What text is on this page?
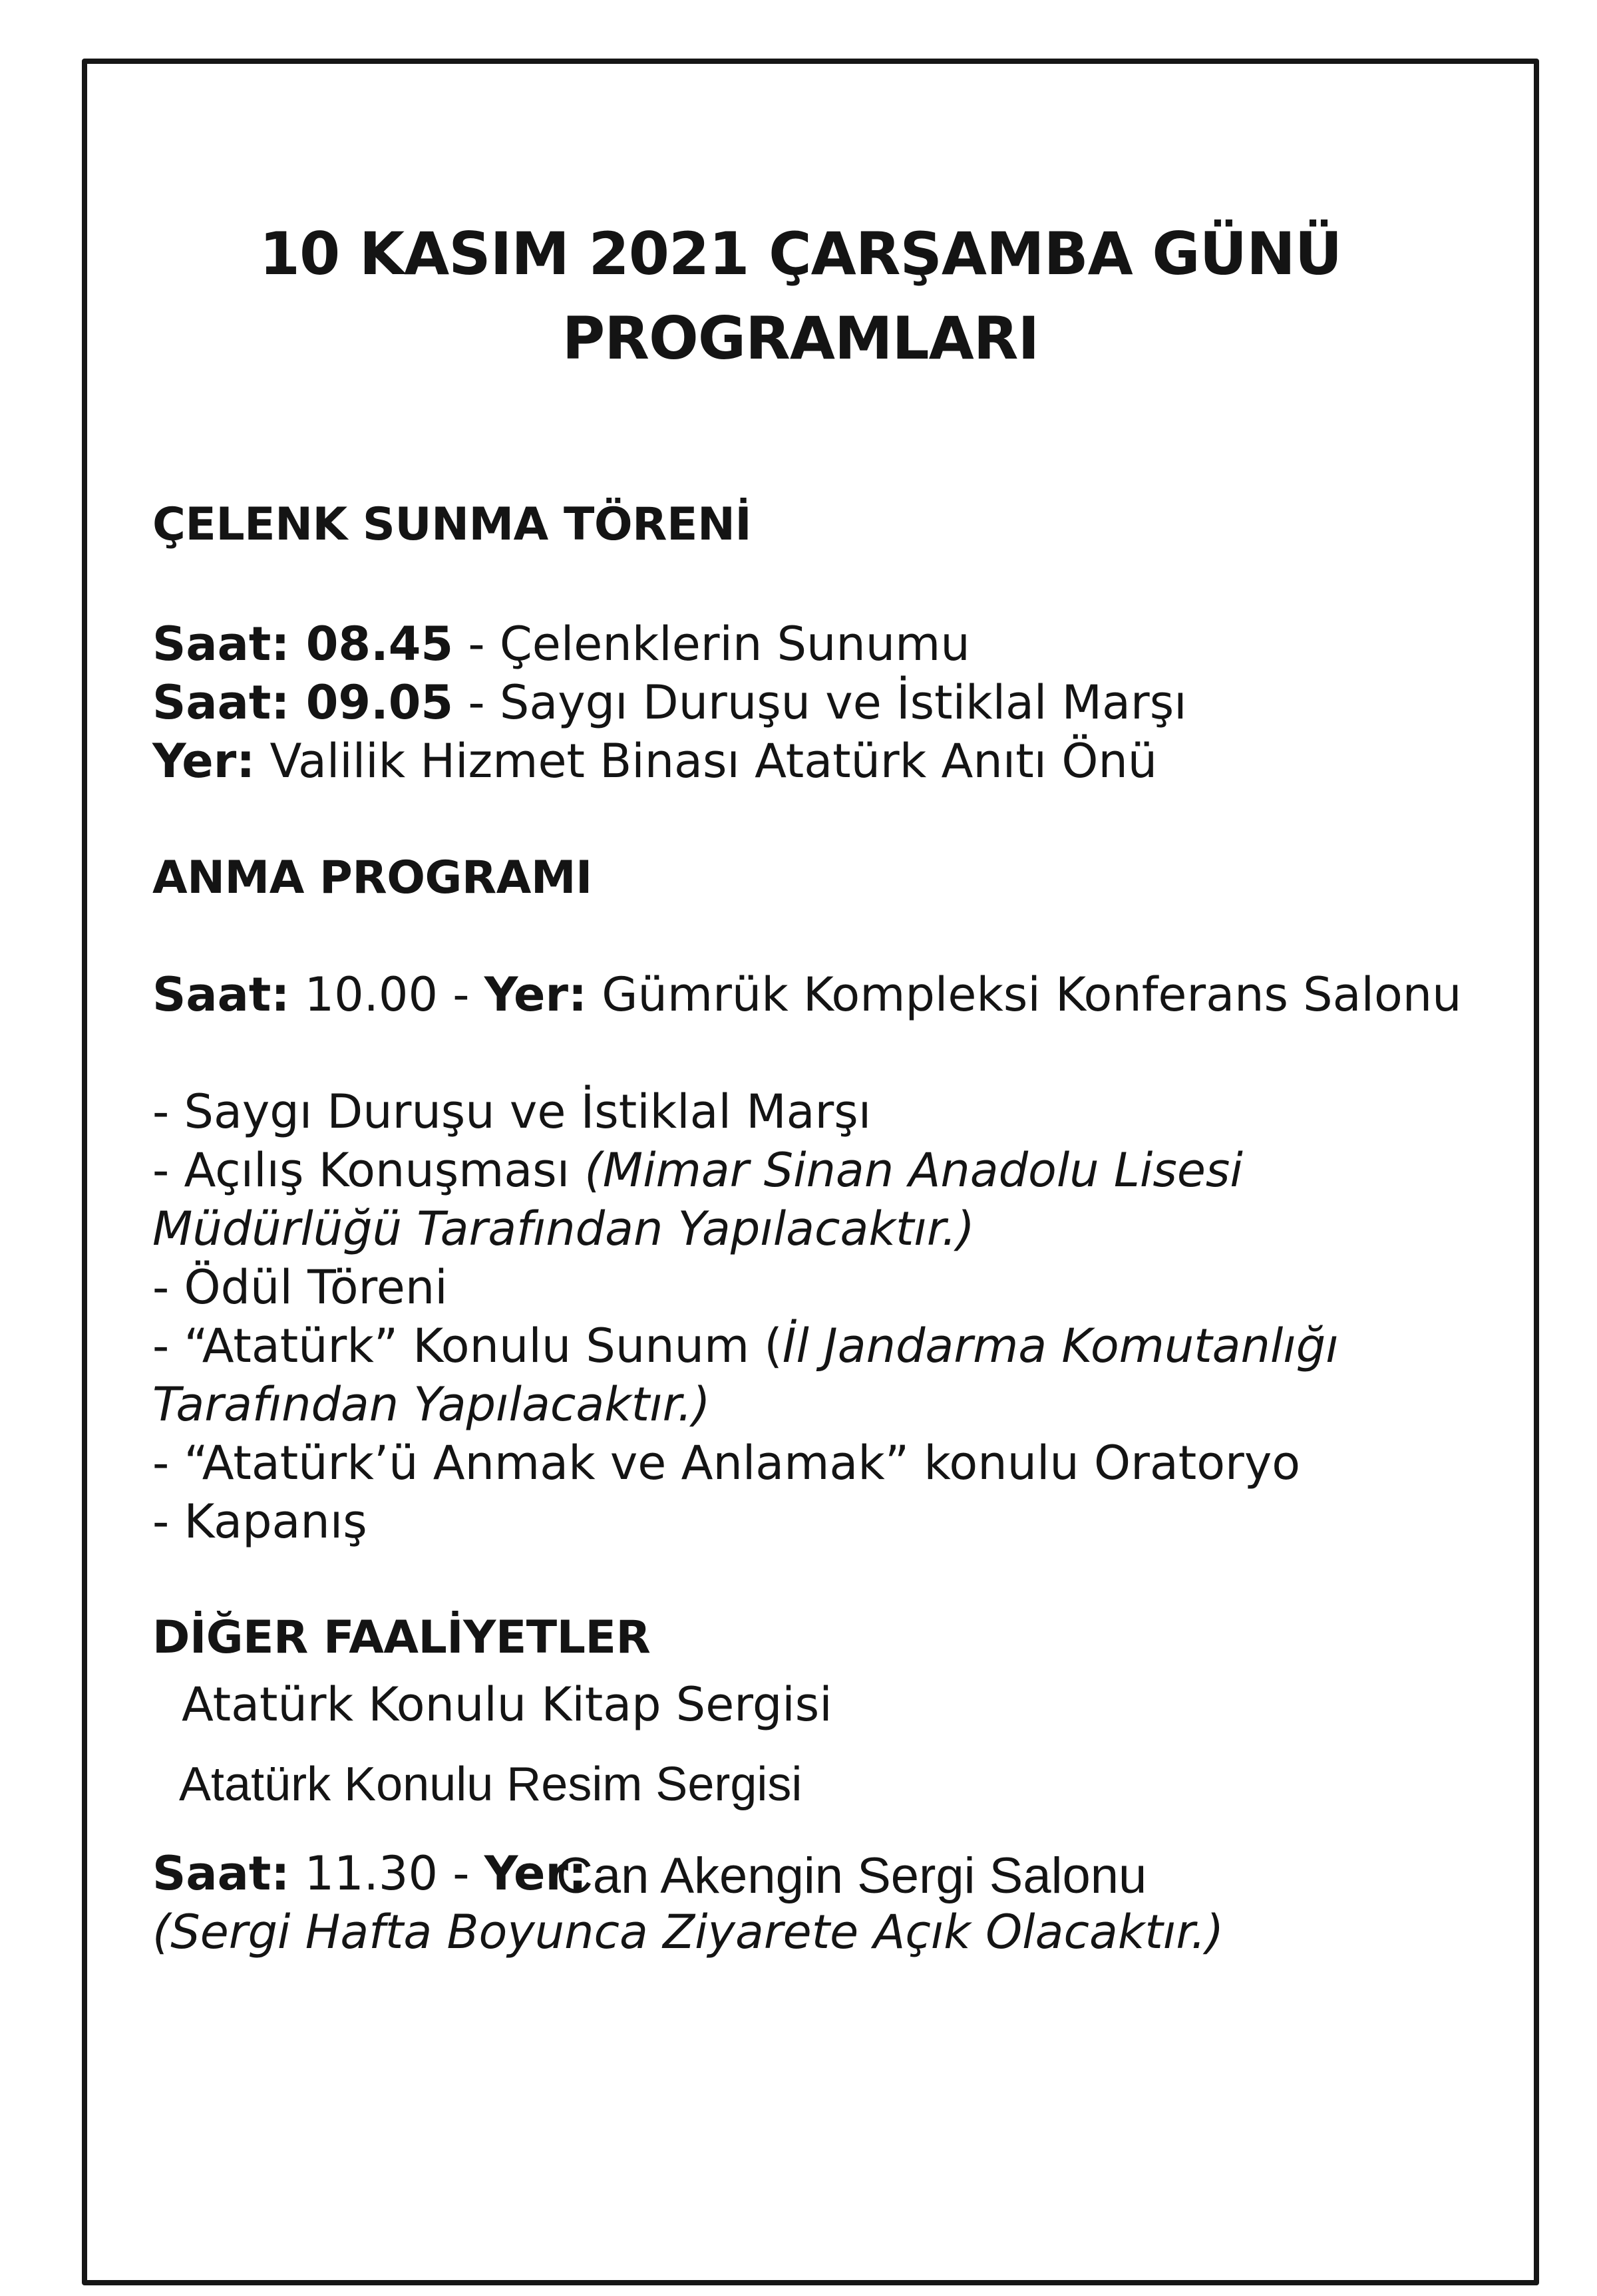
10 KASIM 2021 ÇARŞAMBA GÜNÜ
PROGRAMLARI
ÇELENK SUNMA TÖRENİ
Saat: 08.45 - Çelenklerin Sunumu
Saat: 09.05 - Saygı Duruşu ve İstiklal Marşı
Yer: Valilik Hizmet Binası Atatürk Anıtı Önü
ANMA PROGRAMI
Saat: 10.00 - Yer: Gümrük Kompleksi Konferans Salonu
- Saygı Duruşu ve İstiklal Marşı
- Açılış Konuşması (Mimar Sinan Anadolu Lisesi
Müdürlüğü Tarafından Yapılacaktır.)
- Ödül Töreni
- “Atatürk” Konulu Sunum (İl Jandarma Komutanlığı
Tarafından Yapılacaktır.)
- “Atatürk’ü Anmak ve Anlamak” konulu Oratoryo
- Kapanış
DİĞER FAALİYETLER
Atatürk Konulu Kitap Sergisi
Atatürk Konulu Resim Sergisi
Saat: 11.30 - Yer:
Can Akengin Sergi Salonu
(Sergi Hafta Boyunca Ziyarete Açık Olacaktır.)
